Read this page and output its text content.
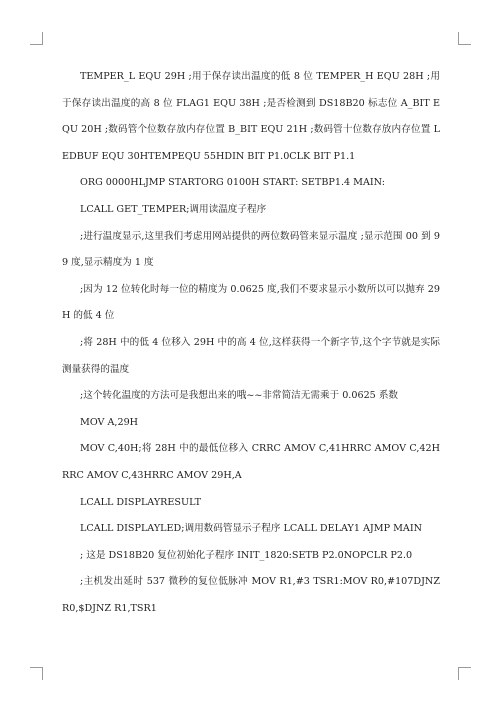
TEMPER_L EQU 29H ;用于保存读出温度的低 8 位 TEMPER_H EQU 28H ;用于保存读出温度的高 8 位 FLAG1 EQU 38H ;是否检测到 DS18B20 标志位 A_BIT EQU 20H ;数码管个位数存放内存位置 B_BIT EQU 21H ;数码管十位数存放内存位置 LEDBUF EQU 30HTEMPEQU 55HDIN BIT P1.0CLK BIT P1.1

ORG 0000HLJMP STARTORG 0100H START: SETBP1.4 MAIN:

LCALL GET_TEMPER;调用读温度子程序

;进行温度显示,这里我们考虑用网站提供的两位数码管来显示温度 ;显示范围 00 到 99 度,显示精度为 1 度

;因为 12 位转化时每一位的精度为 0.0625 度,我们不要求显示小数所以可以抛弃 29H 的低 4 位

;将 28H 中的低 4 位移入 29H 中的高 4 位,这样获得一个新字节,这个字节就是实际测量获得的温度

;这个转化温度的方法可是我想出来的哦~~非常简洁无需乘于 0.0625 系数

MOV A,29H

MOV C,40H;将 28H 中的最低位移入 CRRC AMOV C,41HRRC AMOV C,42HRRC AMOV C,43HRRC AMOV 29H,A

LCALL DISPLAYRESULT

LCALL DISPLAYLED;调用数码管显示子程序 LCALL DELAY1 AJMP MAIN

; 这是 DS18B20 复位初始化子程序 INIT_1820:SETB P2.0NOPCLR P2.0

;主机发出延时 537 微秒的复位低脉冲 MOV R1,#3 TSR1:MOV R0,#107DJNZ R0,$DJNZ R1,TSR1
